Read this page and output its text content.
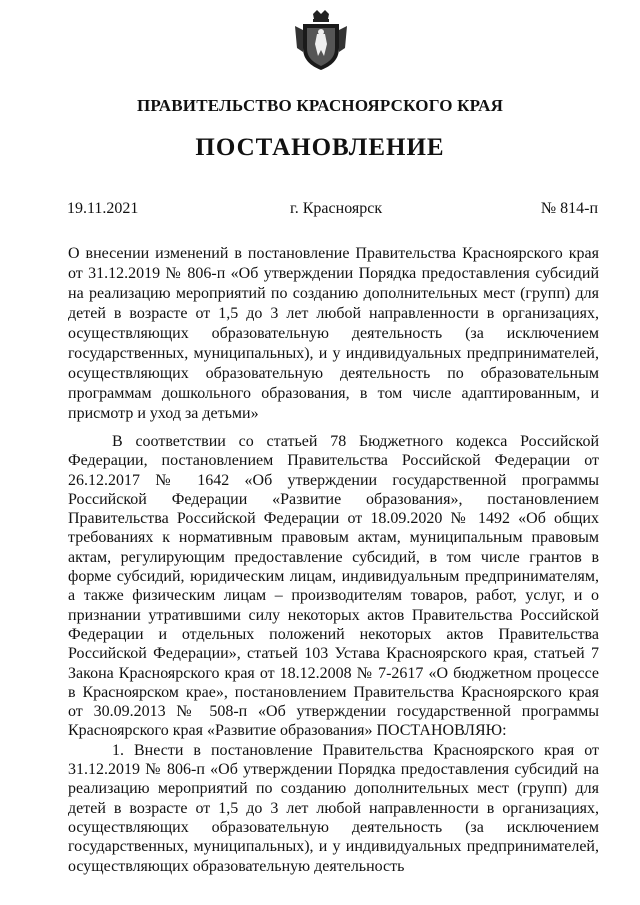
ПРАВИТЕЛЬСТВО КРАСНОЯРСКОГО КРАЯ
ПОСТАНОВЛЕНИЕ
19.11.2021	г. Красноярск	№ 814-п
О внесении изменений в постановление Правительства Красноярского края от 31.12.2019 № 806-п «Об утверждении Порядка предоставления субсидий на реализацию мероприятий по созданию дополнительных мест (групп) для детей в возрасте от 1,5 до 3 лет любой направленности в организациях, осуществляющих образовательную деятельность (за исключением государственных, муниципальных), и у индивидуальных предпринимателей, осуществляющих образовательную деятельность по образовательным программам дошкольного образования, в том числе адаптированным, и присмотр и уход за детьми»

В соответствии со статьей 78 Бюджетного кодекса Российской Федерации, постановлением Правительства Российской Федерации от 26.12.2017 № 1642 «Об утверждении государственной программы Российской Федерации «Развитие образования», постановлением Правительства Российской Федерации от 18.09.2020 № 1492 «Об общих требованиях к нормативным правовым актам, муниципальным правовым актам, регулирующим предоставление субсидий, в том числе грантов в форме субсидий, юридическим лицам, индивидуальным предпринимателям, а также физическим лицам – производителям товаров, работ, услуг, и о признании утратившими силу некоторых актов Правительства Российской Федерации и отдельных положений некоторых актов Правительства Российской Федерации», статьей 103 Устава Красноярского края, статьей 7 Закона Красноярского края от 18.12.2008 № 7-2617 «О бюджетном процессе в Красноярском крае», постановлением Правительства Красноярского края от 30.09.2013 № 508-п «Об утверждении государственной программы Красноярского края «Развитие образования» ПОСТАНОВЛЯЮ:

1. Внести в постановление Правительства Красноярского края от 31.12.2019 № 806-п «Об утверждении Порядка предоставления субсидий на реализацию мероприятий по созданию дополнительных мест (групп) для детей в возрасте от 1,5 до 3 лет любой направленности в организациях, осуществляющих образовательную деятельность (за исключением государственных, муниципальных), и у индивидуальных предпринимателей, осуществляющих образовательную деятельность
